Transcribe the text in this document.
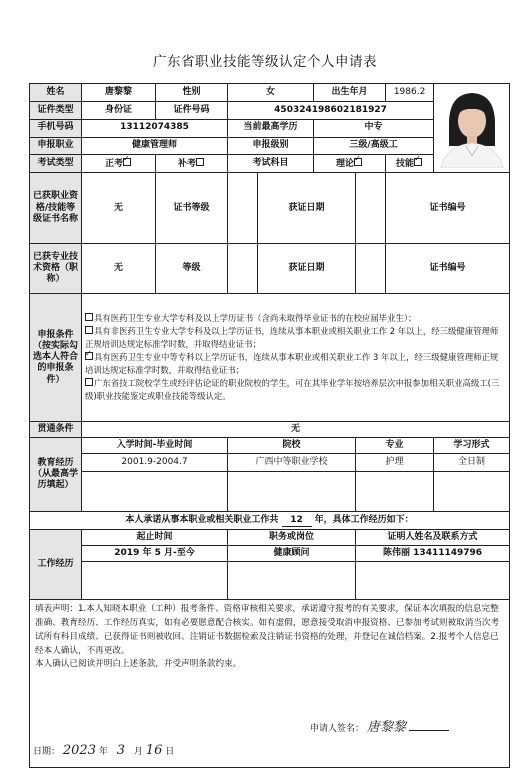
广东省职业技能等级认定个人申请表
姓名	唐黎黎	性别	女		出生年月		1986.2	
证件类型	身份证	证件号码	450324198602181927					
手机号码	13112074385		当前最高学历		中专			
申报职业	健康管理师		申报级别		三级/高级工			
考试类型	正考✓	补考	考试科目		理论✓		技能✓
已获职业资格/技能等级证书名称	无	证书等级		获证日期			证书编号	
已获专业技术资格（职称）	无	等级		获证日期			证书编号	
申报条件（按实际勾选本人符合的申报条件）	具有医药卫生专业大学专科及以上学历证书（含尚未取得毕业证书的在校应届毕业生）；

具有非医药卫生专业大学专科及以上学历证书，连续从事本职业或相关职业工作 2 年以上，经三级健康管理师正规培训达规定标准学时数，并取得结业证书；

✓具有医药卫生专业中等专科以上学历证书，连续从事本职业或相关职业工作 3 年以上，经三级健康管理师正规培训达规定标准学时数，并取得结业证书；

广东省技工院校学生或经评估论证的职业院校的学生，可在其毕业学年按培养层次申报参加相关职业高级工(三级)职业技能鉴定或职业技能等级认定。

贯通条件	无							
教育经历（从最高学历填起）	入学时间-毕业时间		院校			专业		学习形式
	2001.9-2004.7		广西中等职业学校			护理		全日制

本人承诺从事本职业或相关职业工作共 12 年，具体工作经历如下：								
工作经历	起止时间		职务或岗位			证明人姓名及联系方式		
	2019 年 5 月-至今		健康顾问			陈伟丽 13411149796		

填表声明：1.本人知晓本职业（工种）报考条件、资格审核相关要求，承诺遵守报考的有关要求，保证本次填报的信息完整准确、教育经历、工作经历真实，如有必要愿意配合核实。如有虚假，愿意接受取消申报资格、已参加考试则被取消当次考试所有科目成绩、已获得证书则被收回、注销证书数据检索及注销证书资格的处理，并登记在诚信档案。2.报考个人信息已经本人确认，不再更改。

本人确认已阅读并明白上述条款，并受声明条款约束。								

申请人签名： 唐黎黎
日期： 2023 年 3 月 16 日
